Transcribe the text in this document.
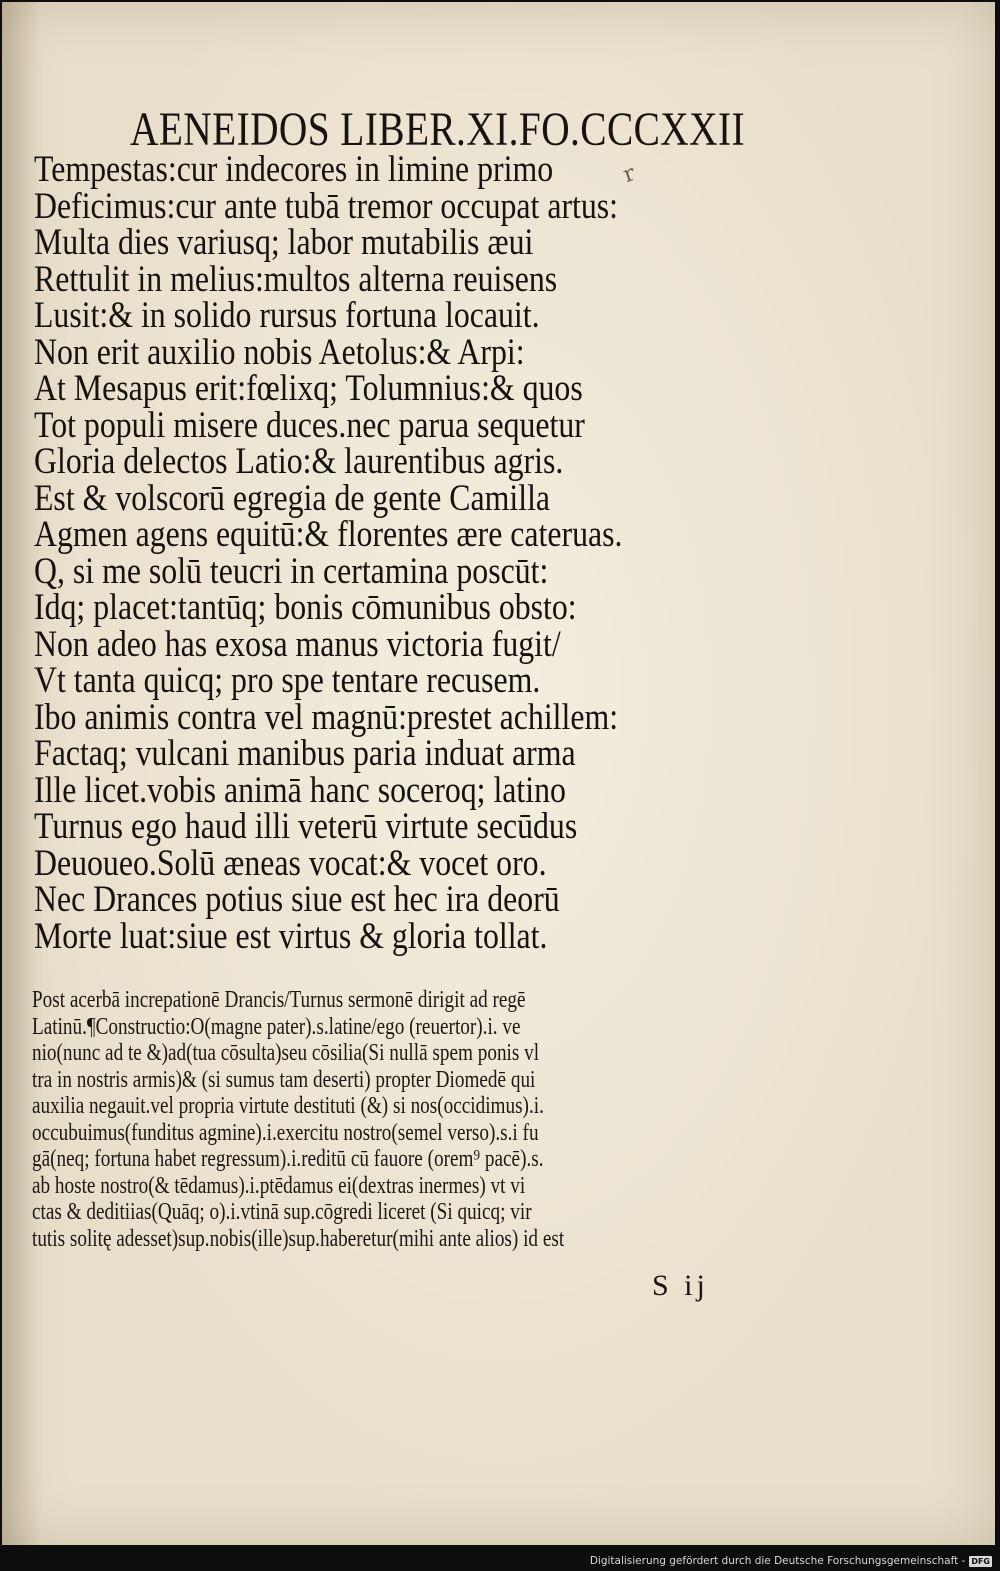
AENEIDOS LIBER.XI.FO.CCCXXII
r
Tempestas:cur indecores in limine primo
Deficimus:cur ante tubā tremor occupat artus:
Multa dies variusq; labor mutabilis æui
Rettulit in melius:multos alterna reuisens
Lusit:& in solido rursus fortuna locauit.
Non erit auxilio nobis Aetolus:& Arpi:
At Mesapus erit:fœlixq; Tolumnius:& quos
Tot populi misere duces.nec parua sequetur
Gloria delectos Latio:& laurentibus agris.
Est & volscorū egregia de gente Camilla
Agmen agens equitū:& florentes ære cateruas.
Q, si me solū teucri in certamina poscūt:
Idq; placet:tantūq; bonis cōmunibus obsto:
Non adeo has exosa manus victoria fugit/
Vt tanta quicq; pro spe tentare recusem.
Ibo animis contra vel magnū:prestet achillem:
Factaq; vulcani manibus paria induat arma
Ille licet.vobis animā hanc soceroq; latino
Turnus ego haud illi veterū virtute secūdus
Deuoueo.Solū æneas vocat:& vocet oro.
Nec Drances potius siue est hec ira deorū
Morte luat:siue est virtus & gloria tollat.
Post acerbā increpationē Drancis/Turnus sermonē dirigit ad regē
Latinū.¶Constructio:O(magne pater).s.latine/ego (reuertor).i. ve
nio(nunc ad te &)ad(tua cōsulta)seu cōsilia(Si nullā spem ponis vl
tra in nostris armis)& (si sumus tam deserti) propter Diomedē qui
auxilia negauit.vel propria virtute destituti (&) si nos(occidimus).i.
occubuimus(funditus agmine).i.exercitu nostro(semel verso).s.i fu
gā(neq; fortuna habet regressum).i.reditū cū fauore (orem⁹ pacē).s.
ab hoste nostro(& tēdamus).i.ptēdamus ei(dextras inermes) vt vi
ctas & deditiias(Quāq; o).i.vtinā sup.cōgredi liceret (Si quicq; vir
tutis solitę adesset)sup.nobis(ille)sup.haberetur(mihi ante alios) id est
S ij
Digitalisierung gefördert durch die Deutsche Forschungsgemeinschaft - DFG
